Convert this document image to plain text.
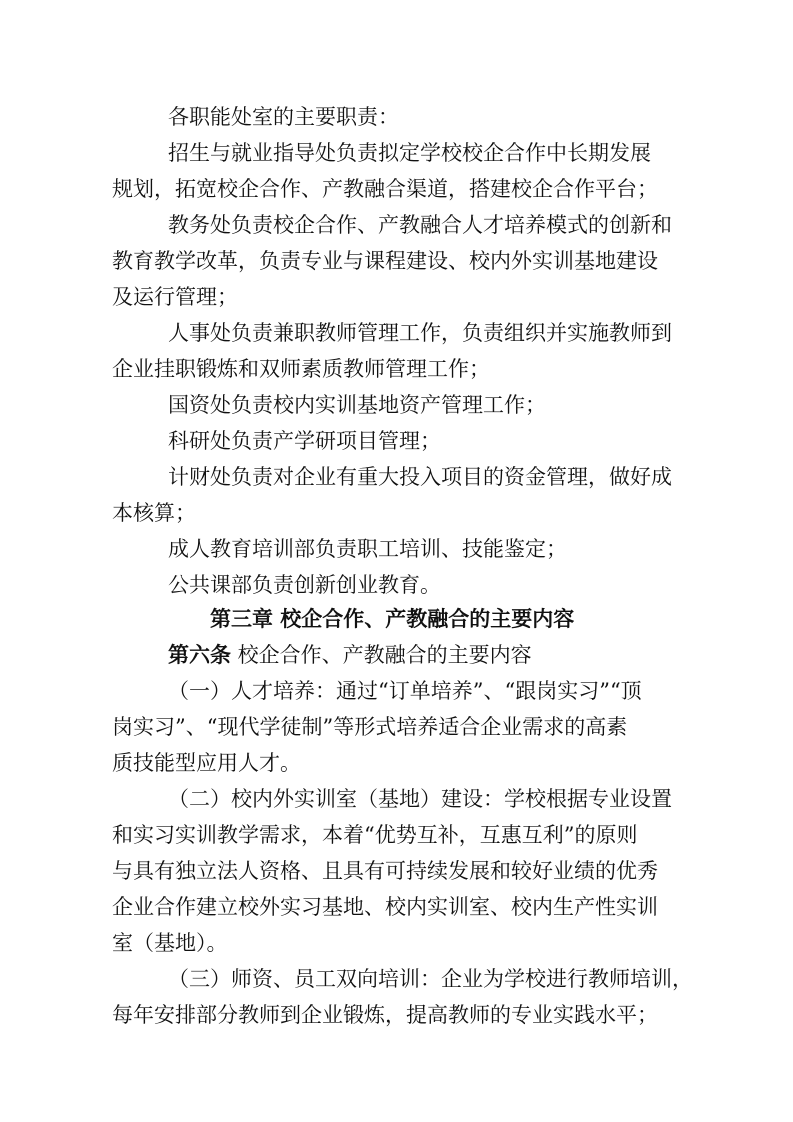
各职能处室的主要职责：
招生与就业指导处负责拟定学校校企合作中长期发展
规划，拓宽校企合作、产教融合渠道，搭建校企合作平台；
教务处负责校企合作、产教融合人才培养模式的创新和
教育教学改革，负责专业与课程建设、校内外实训基地建设
及运行管理；
人事处负责兼职教师管理工作，负责组织并实施教师到
企业挂职锻炼和双师素质教师管理工作；
国资处负责校内实训基地资产管理工作；
科研处负责产学研项目管理；
计财处负责对企业有重大投入项目的资金管理，做好成
本核算；
成人教育培训部负责职工培训、技能鉴定；
公共课部负责创新创业教育。
第三章 校企合作、产教融合的主要内容
第六条 校企合作、产教融合的主要内容
（一）人才培养：通过“订单培养”、“跟岗实习”“顶
岗实习”、“现代学徒制”等形式培养适合企业需求的高素
质技能型应用人才。
（二）校内外实训室（基地）建设：学校根据专业设置
和实习实训教学需求，本着“优势互补，互惠互利”的原则
与具有独立法人资格、且具有可持续发展和较好业绩的优秀
企业合作建立校外实习基地、校内实训室、校内生产性实训
室（基地）。
（三）师资、员工双向培训：企业为学校进行教师培训，
每年安排部分教师到企业锻炼，提高教师的专业实践水平；
